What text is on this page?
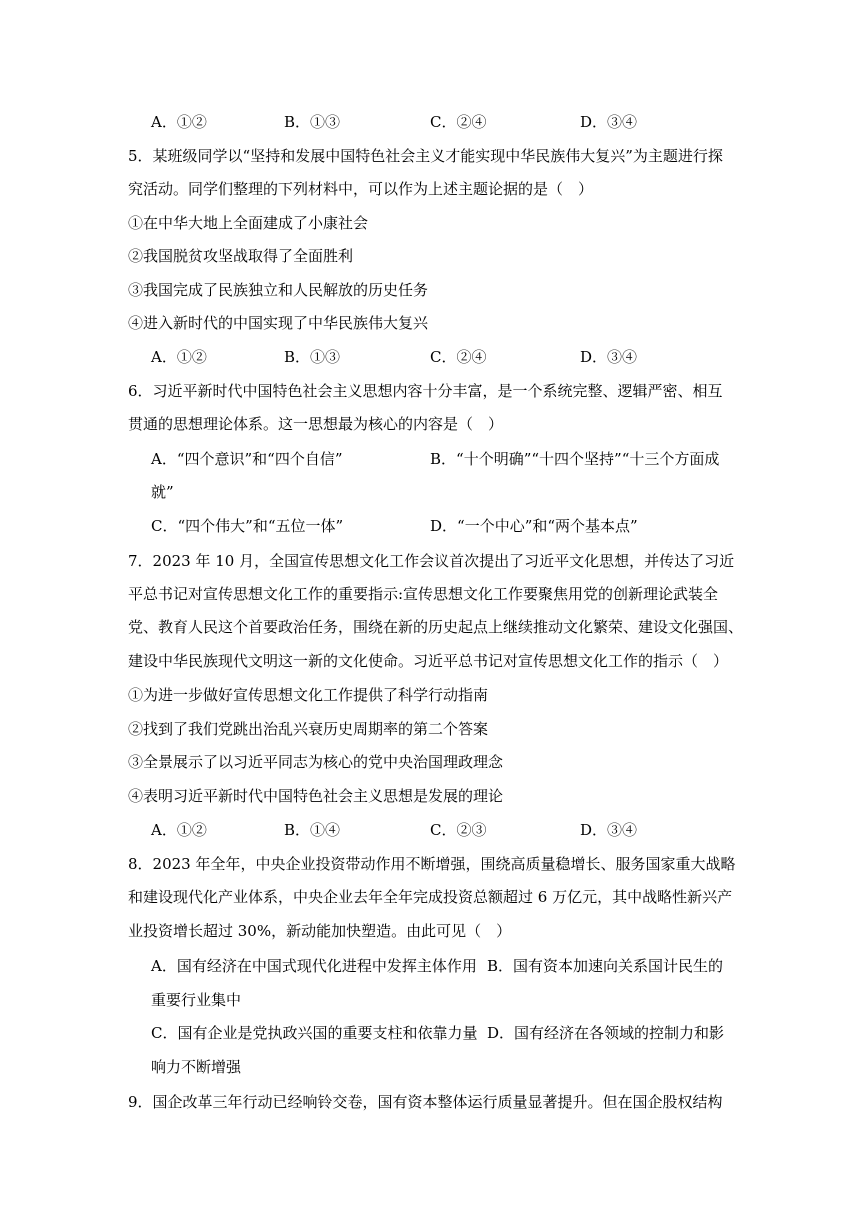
A．①②	B．①③	C．②④	D．③④
5．某班级同学以“坚持和发展中国特色社会主义才能实现中华民族伟大复兴”为主题进行探
究活动。同学们整理的下列材料中，可以作为上述主题论据的是（　）
①在中华大地上全面建成了小康社会
②我国脱贫攻坚战取得了全面胜利
③我国完成了民族独立和人民解放的历史任务
④进入新时代的中国实现了中华民族伟大复兴
A．①②	B．①③	C．②④	D．③④
6．习近平新时代中国特色社会主义思想内容十分丰富，是一个系统完整、逻辑严密、相互
贯通的思想理论体系。这一思想最为核心的内容是（　）
A．“四个意识”和“四个自信”	B．“十个明确”“十四个坚持”“十三个方面成
就”
C．“四个伟大”和“五位一体”	D．“一个中心”和“两个基本点”
7．2023 年 10 月，全国宣传思想文化工作会议首次提出了习近平文化思想，并传达了习近
平总书记对宣传思想文化工作的重要指示:宣传思想文化工作要聚焦用党的创新理论武装全
党、教育人民这个首要政治任务，围绕在新的历史起点上继续推动文化繁荣、建设文化强国、
建设中华民族现代文明这一新的文化使命。习近平总书记对宣传思想文化工作的指示（　）
①为进一步做好宣传思想文化工作提供了科学行动指南
②找到了我们党跳出治乱兴衰历史周期率的第二个答案
③全景展示了以习近平同志为核心的党中央治国理政理念
④表明习近平新时代中国特色社会主义思想是发展的理论
A．①②	B．①④	C．②③	D．③④
8．2023 年全年，中央企业投资带动作用不断增强，围绕高质量稳增长、服务国家重大战略
和建设现代化产业体系，中央企业去年全年完成投资总额超过 6 万亿元，其中战略性新兴产
业投资增长超过 30%，新动能加快塑造。由此可见（　）
A．国有经济在中国式现代化进程中发挥主体作用 B．国有资本加速向关系国计民生的
重要行业集中
C．国有企业是党执政兴国的重要支柱和依靠力量 D．国有经济在各领域的控制力和影
响力不断增强
9．国企改革三年行动已经响铃交卷，国有资本整体运行质量显著提升。但在国企股权结构
